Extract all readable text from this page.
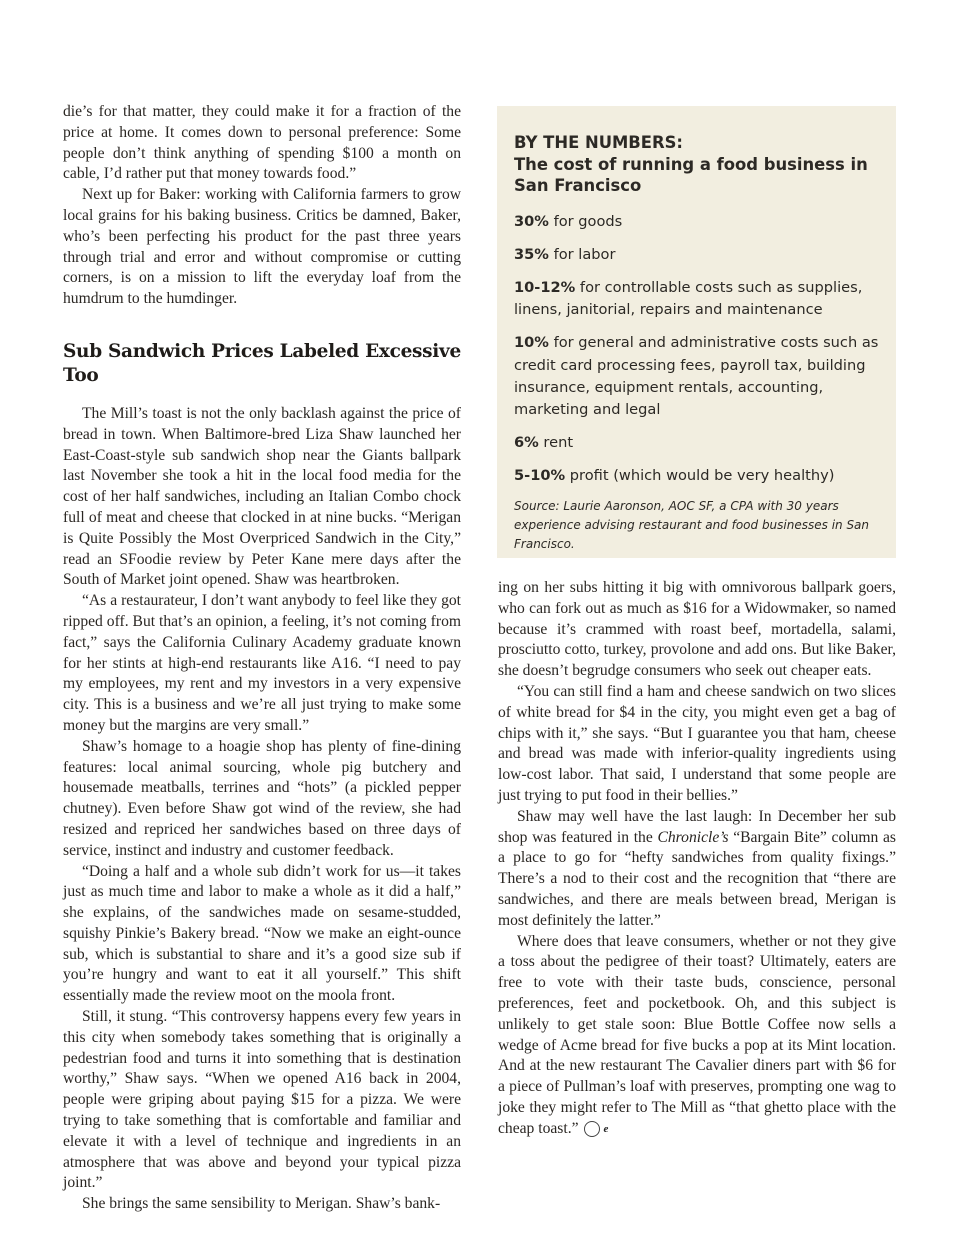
die’s for that matter, they could make it for a fraction of the price at home. It comes down to personal preference: Some people don’t think anything of spending $100 a month on cable, I’d rather put that money towards food.”

Next up for Baker: working with California farmers to grow local grains for his baking business. Critics be damned, Baker, who’s been perfecting his product for the past three years through trial and error and without compromise or cutting corners, is on a mission to lift the everyday loaf from the humdrum to the humdinger.

Sub Sandwich Prices Labeled Excessive Too

The Mill’s toast is not the only backlash against the price of bread in town. When Baltimore-bred Liza Shaw launched her East-Coast-style sub sandwich shop near the Giants ballpark last November she took a hit in the local food media for the cost of her half sandwiches, including an Italian Combo chock full of meat and cheese that clocked in at nine bucks. “Merigan is Quite Possibly the Most Overpriced Sandwich in the City,” read an SFoodie review by Peter Kane mere days after the South of Market joint opened. Shaw was heartbroken.

“As a restaurateur, I don’t want anybody to feel like they got ripped off. But that’s an opinion, a feeling, it’s not coming from fact,” says the California Culinary Academy graduate known for her stints at high-end restaurants like A16. “I need to pay my employees, my rent and my investors in a very expensive city. This is a business and we’re all just trying to make some money but the margins are very small.”

Shaw’s homage to a hoagie shop has plenty of fine-dining features: local animal sourcing, whole pig butchery and housemade meatballs, terrines and “hots” (a pickled pepper chutney). Even before Shaw got wind of the review, she had resized and repriced her sandwiches based on three days of service, instinct and industry and customer feedback.

“Doing a half and a whole sub didn’t work for us—it takes just as much time and labor to make a whole as it did a half,” she explains, of the sandwiches made on sesame-studded, squishy Pinkie’s Bakery bread. “Now we make an eight-ounce sub, which is substantial to share and it’s a good size sub if you’re hungry and want to eat it all yourself.” This shift essentially made the review moot on the moola front.

Still, it stung. “This controversy happens every few years in this city when somebody takes something that is originally a pedestrian food and turns it into something that is destination worthy,” Shaw says. “When we opened A16 back in 2004, people were griping about paying $15 for a pizza. We were trying to take something that is comfortable and familiar and elevate it with a level of technique and ingredients in an atmosphere that was above and beyond your typical pizza joint.”

She brings the same sensibility to Merigan. Shaw’s bank-

BY THE NUMBERS:
The cost of running a food business in San Francisco
30% for goods
35% for labor
10-12% for controllable costs such as supplies, linens, janitorial, repairs and maintenance
10% for general and administrative costs such as credit card processing fees, payroll tax, building insurance, equipment rentals, accounting, marketing and legal
6% rent
5-10% profit (which would be very healthy)
Source: Laurie Aaronson, AOC SF, a CPA with 30 years experience advising restaurant and food businesses in San Francisco.

ing on her subs hitting it big with omnivorous ballpark goers, who can fork out as much as $16 for a Widowmaker, so named because it’s crammed with roast beef, mortadella, salami, prosciutto cotto, turkey, provolone and add ons. But like Baker, she doesn’t begrudge consumers who seek out cheaper eats.

“You can still find a ham and cheese sandwich on two slices of white bread for $4 in the city, you might even get a bag of chips with it,” she says. “But I guarantee you that ham, cheese and bread was made with inferior-quality ingredients using low-cost labor. That said, I understand that some people are just trying to put food in their bellies.”

Shaw may well have the last laugh: In December her sub shop was featured in the Chronicle’s “Bargain Bite” column as a place to go for “hefty sandwiches from quality fixings.” There’s a nod to their cost and the recognition that “there are sandwiches, and there are meals between bread, Merigan is most definitely the latter.”

Where does that leave consumers, whether or not they give a toss about the pedigree of their toast? Ultimately, eaters are free to vote with their taste buds, conscience, personal preferences, feet and pocketbook. Oh, and this subject is unlikely to get stale soon: Blue Bottle Coffee now sells a wedge of Acme bread for five bucks a pop at its Mint location. And at the new restaurant The Cavalier diners part with $6 for a piece of Pullman’s loaf with preserves, prompting one wag to joke they might refer to The Mill as “that ghetto place with the cheap toast.” e
